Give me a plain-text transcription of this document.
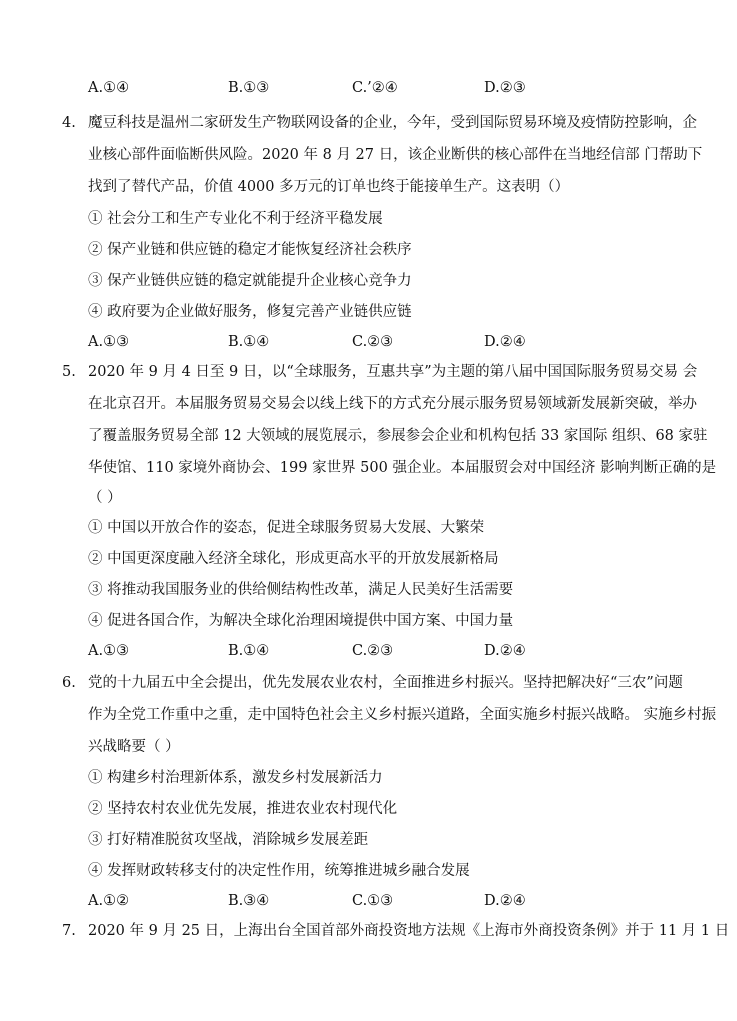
A.①④	B.①③	C.’②④	D.②③
4. 魔豆科技是温州二家研发生产物联网设备的企业，今年，受到国际贸易环境及疫情防控影响，企
业核心部件面临断供风险。2020 年 8 月 27 日，该企业断供的核心部件在当地经信部 门帮助下
找到了替代产品，价值 4000 多万元的订单也终于能接单生产。这表明（）
① 社会分工和生产专业化不利于经济平稳发展
② 保产业链和供应链的稳定才能恢复经济社会秩序
③ 保产业链供应链的稳定就能提升企业核心竞争力
④ 政府要为企业做好服务，修复完善产业链供应链
A.①③	B.①④	C.②③	D.②④
5. 2020 年 9 月 4 日至 9 日，以“全球服务，互惠共享”为主题的第八届中国国际服务贸易交易 会
在北京召开。本届服务贸易交易会以线上线下的方式充分展示服务贸易领域新发展新突破，举办
了覆盖服务贸易全部 12 大领域的展览展示，参展参会企业和机构包括 33 家国际 组织、68 家驻
华使馆、110 家境外商协会、199 家世界 500 强企业。本届服贸会对中国经济 影响判断正确的是
（ ）
① 中国以开放合作的姿态，促进全球服务贸易大发展、大繁荣
② 中国更深度融入经济全球化，形成更高水平的开放发展新格局
③ 将推动我国服务业的供给侧结构性改革，满足人民美好生活需要
④ 促进各国合作，为解决全球化治理困境提供中国方案、中国力量
A.①③	B.①④	C.②③	D.②④
6. 党的十九届五中全会提出，优先发展农业农村，全面推进乡村振兴。坚持把解决好“三农”问题
作为全党工作重中之重，走中国特色社会主义乡村振兴道路，全面实施乡村振兴战略。 实施乡村振
兴战略要（ ）
① 构建乡村治理新体系，激发乡村发展新活力
② 坚持农村农业优先发展，推进农业农村现代化
③ 打好精准脱贫攻坚战，消除城乡发展差距
④ 发挥财政转移支付的决定性作用，统筹推进城乡融合发展
A.①②	B.③④	C.①③	D.②④
7. 2020 年 9 月 25 日，上海出台全国首部外商投资地方法规《上海市外商投资条例》并于 11 月 1 日
